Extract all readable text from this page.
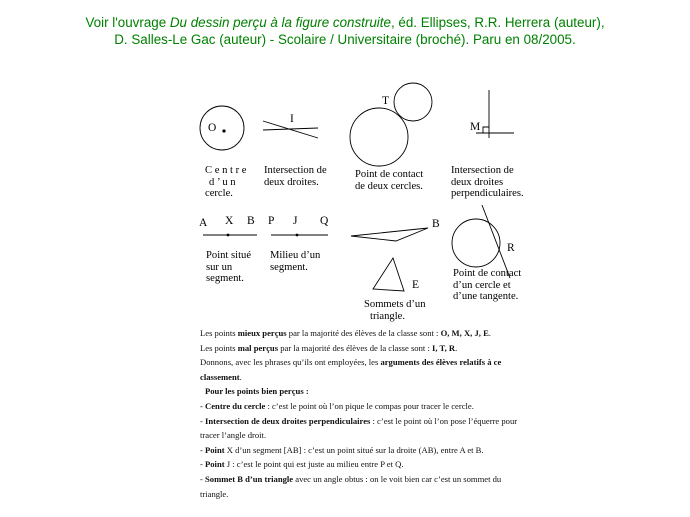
Voir l'ouvrage Du dessin perçu à la figure construite, éd. Ellipses, R.R. Herrera (auteur),
D. Salles-Le Gac (auteur) - Scolaire / Universitaire (broché). Paru en 08/2005.
O
I
T
M
A X B P J Q	B
R
E
C e n t r e
d ’ u n
cercle.
Intersection de
deux droites.
Point de contact
de deux cercles.
Intersection de
deux droites
perpendiculaires.
Point situé
sur un
segment.
Milieu d’un
segment.
Point de contact
d’un cercle et
d’une tangente.
Sommets d’un
triangle.

Les points mieux perçus par la majorité des élèves de la classe sont : O, M, X, J, E.

Les points mal perçus par la majorité des élèves de la classe sont : I, T, R.

Donnons, avec les phrases qu’ils ont employées, les arguments des élèves relatifs à ce classement.

Pour les points bien perçus :

- Centre du cercle : c’est le point où l’on pique le compas pour tracer le cercle.

- Intersection de deux droites perpendiculaires : c’est le point où l’on pose l’équerre pour tracer l’angle droit.

- Point X d’un segment [AB] : c’est un point situé sur la droite (AB), entre A et B.

- Point J : c’est le point qui est juste au milieu entre P et Q.

- Sommet B d’un triangle avec un angle obtus : on le voit bien car c’est un sommet du triangle.
